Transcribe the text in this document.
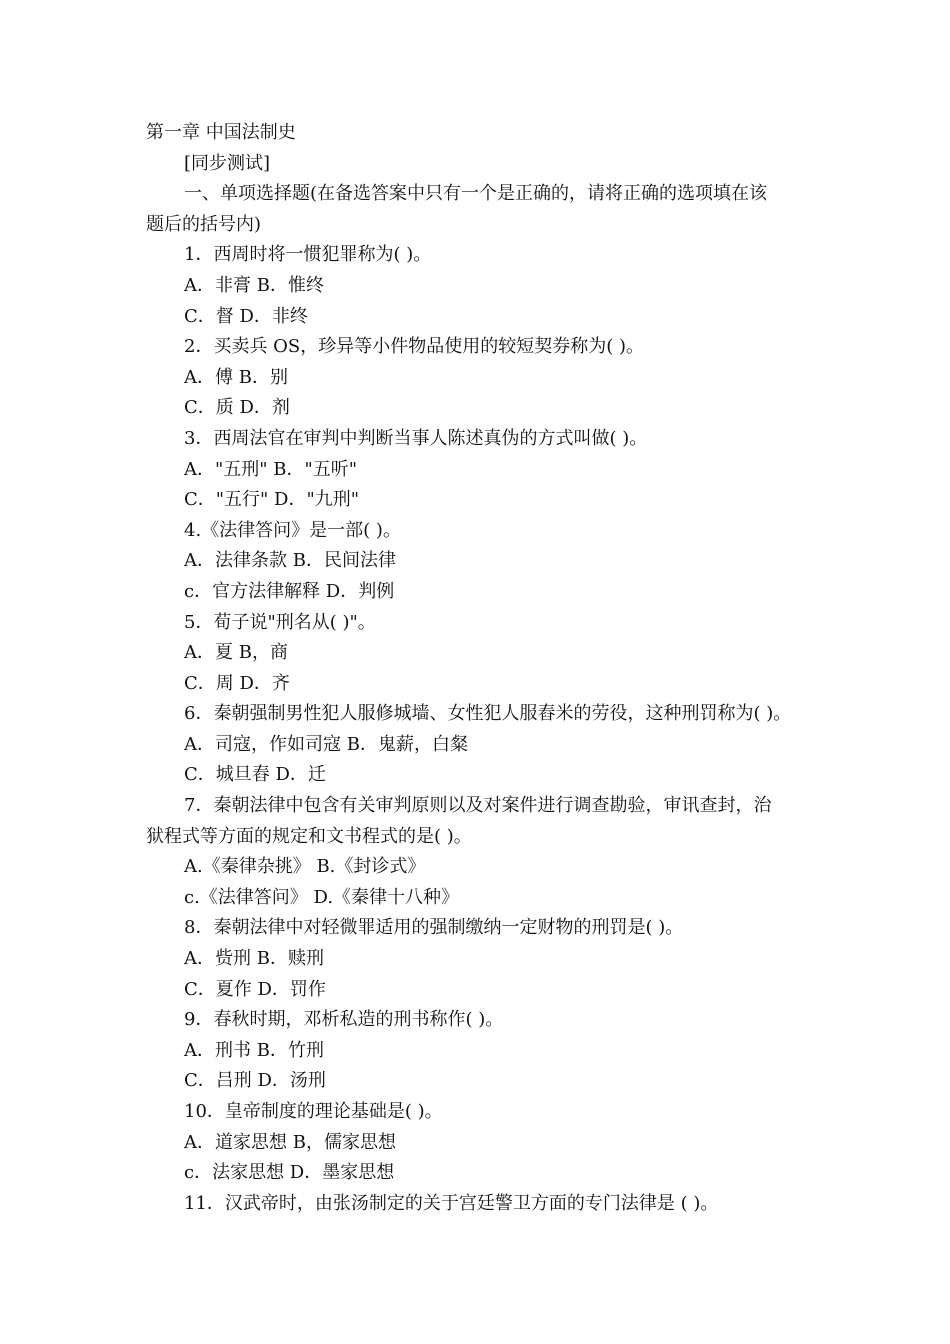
第一章 中国法制史
[同步测试]
一、单项选择题(在备选答案中只有一个是正确的，请将正确的选项填在该
题后的括号内)
1．西周时将一惯犯罪称为( )。
A．非膏 B．惟终
C．督 D．非终
2．买卖兵 OS，珍异等小件物品使用的较短契券称为( )。
A．傅 B．别
C．质 D．剂
3．西周法官在审判中判断当事人陈述真伪的方式叫做( )。
A．"五刑" B．"五听"
C．"五行" D．"九刑"
4.《法律答问》是一部( )。
A．法律条款 B．民间法律
c．官方法律解释 D．判例
5．荀子说"刑名从( )"。
A．夏 B，商
C．周 D．齐
6．秦朝强制男性犯人服修城墙、女性犯人服舂米的劳役，这种刑罚称为( )。
A．司寇，作如司寇 B．鬼薪，白粲
C．城旦舂 D．迁
7．秦朝法律中包含有关审判原则以及对案件进行调查勘验，审讯查封，治
狱程式等方面的规定和文书程式的是( )。
A.《秦律杂挑》 B.《封诊式》
c.《法律答问》 D.《秦律十八种》
8．秦朝法律中对轻微罪适用的强制缴纳一定财物的刑罚是( )。
A．赀刑 B．赎刑
C．夏作 D．罚作
9．春秋时期，邓析私造的刑书称作( )。
A．刑书 B．竹刑
C．吕刑 D．汤刑
10．皇帝制度的理论基础是( )。
A．道家思想 B，儒家思想
c．法家思想 D．墨家思想
11．汉武帝时，由张汤制定的关于宫廷警卫方面的专门法律是 ( )。
